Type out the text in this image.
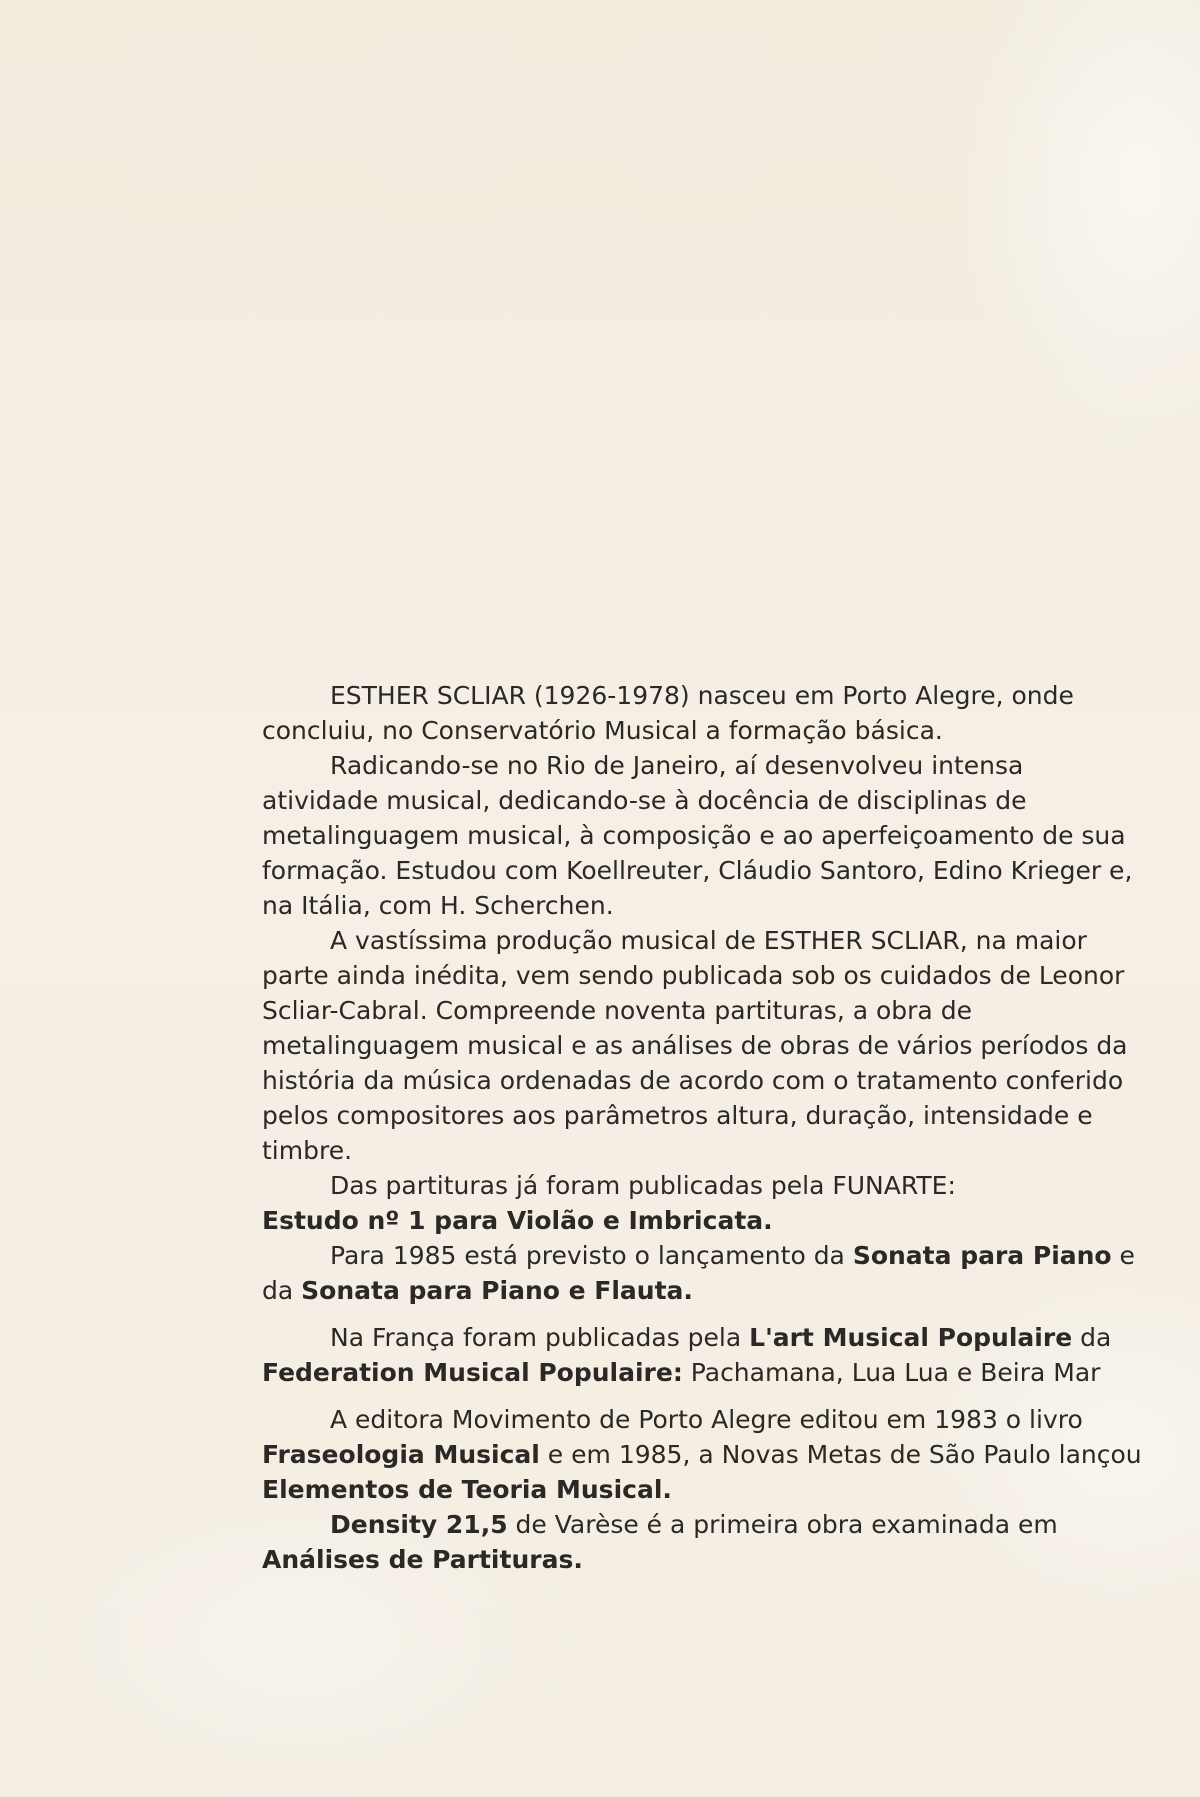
ESTHER SCLIAR (1926-1978) nasceu em Porto Alegre, onde concluiu, no Conservatório Musical a formação básica.

Radicando-se no Rio de Janeiro, aí desenvolveu intensa atividade musical, dedicando-se à docência de disciplinas de metalinguagem musical, à composição e ao aperfeiçoamento de sua formação. Estudou com Koellreuter, Cláudio Santoro, Edino Krieger e, na Itália, com H. Scherchen.

A vastíssima produção musical de ESTHER SCLIAR, na maior parte ainda inédita, vem sendo publicada sob os cuidados de Leonor Scliar-Cabral. Compreende noventa partituras, a obra de metalinguagem musical e as análises de obras de vários períodos da história da música ordenadas de acordo com o tratamento conferido pelos compositores aos parâmetros altura, duração, intensidade e timbre.

Das partituras já foram publicadas pela FUNARTE:
Estudo nº 1 para Violão e Imbricata.

Para 1985 está previsto o lançamento da Sonata para Piano e da Sonata para Piano e Flauta.

Na França foram publicadas pela L'art Musical Populaire da Federation Musical Populaire: Pachamana, Lua Lua e Beira Mar

A editora Movimento de Porto Alegre editou em 1983 o livro Fraseologia Musical e em 1985, a Novas Metas de São Paulo lançou Elementos de Teoria Musical.

Density 21,5 de Varèse é a primeira obra examinada em Análises de Partituras.
